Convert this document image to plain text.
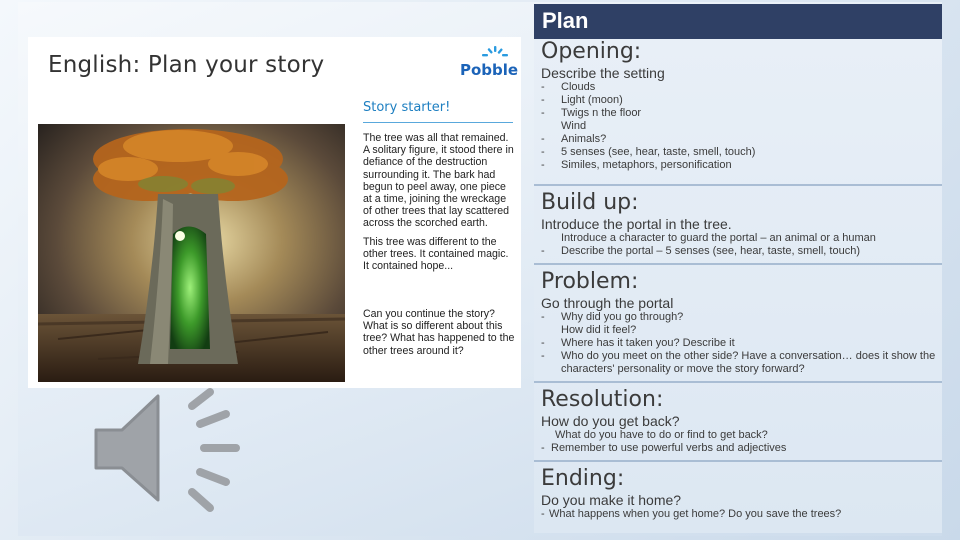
English: Plan your story	Pobble
Story starter!

The tree was all that remained. A solitary figure, it stood there in defiance of the destruction surrounding it. The bark had begun to peel away, one piece at a time, joining the wreckage of other trees that lay scattered across the scorched earth.

This tree was different to the other trees. It contained magic. It contained hope...

Can you continue the story? What is so different about this tree? What has happened to the other trees around it?
Plan
Opening:
Describe the setting
-	Clouds
-	Light (moon)
-	Twigs n the floor
Wind
-	Animals?
-	5 senses (see, hear, taste, smell, touch)
-	Similes, metaphors, personification
Build up:
Introduce the portal in the tree.
Introduce a character to guard the portal – an animal or a human
-	Describe the portal – 5 senses (see, hear, taste, smell, touch)
Problem:
Go through the portal
-	Why did you go through?
How did it feel?
-	Where has it taken you? Describe it
-	Who do you meet on the other side? Have a conversation… does it show the characters' personality or move the story forward?
Resolution:
How do you get back?
What do you have to do or find to get back?
- Remember to use powerful verbs and adjectives
Ending:
Do you make it home?
- What happens when you get home? Do you save the trees?
